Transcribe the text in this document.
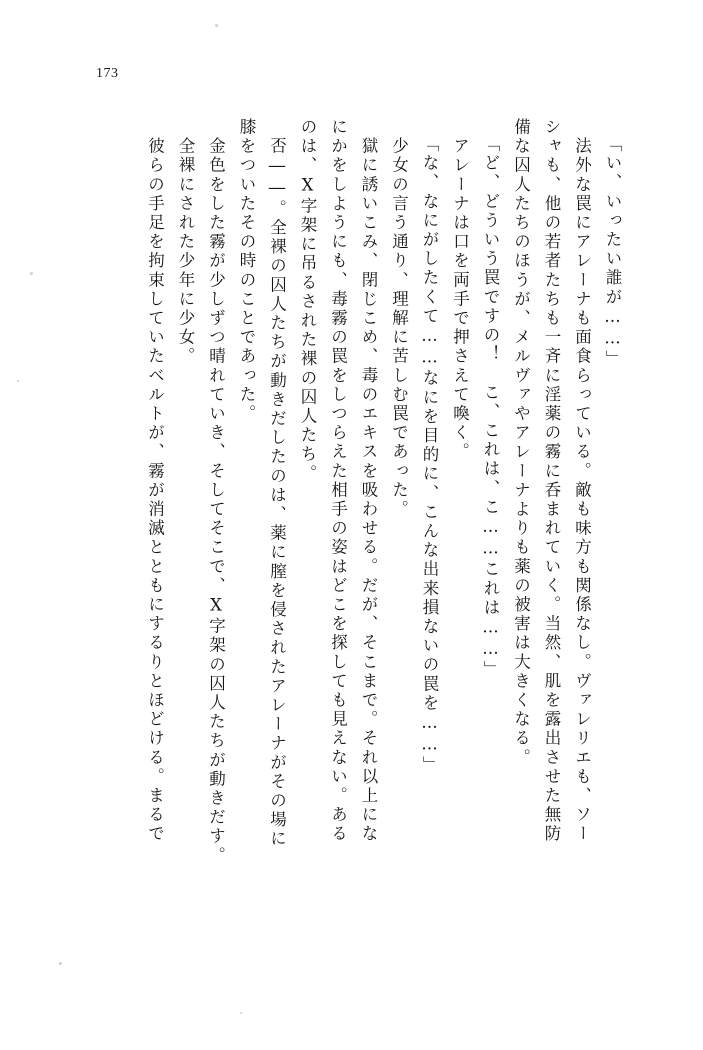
173
「い、いったい誰が……」
　法外な罠にアレーナも面食らっている。敵も味方も関係なし。ヴァレリエも、ソー
シャも、他の若者たちも一斉に淫薬の霧に呑まれていく。当然、肌を露出させた無防
備な囚人たちのほうが、メルヴァやアレーナよりも薬の被害は大きくなる。
「ど、どういう罠ですの！　こ、これは、こ……これは……」
　アレーナは口を両手で押さえて喚く。
「な、なにがしたくて……なにを目的に、こんな出来損ないの罠を……」
　少女の言う通り、理解に苦しむ罠であった。
　獄に誘いこみ、閉じこめ、毒のエキスを吸わせる。だが、そこまで。それ以上にな
にかをしようにも、毒霧の罠をしつらえた相手の姿はどこを探しても見えない。ある
のは、X字架に吊るされた裸の囚人たち。
　否――。全裸の囚人たちが動きだしたのは、薬に膣を侵されたアレーナがその場に
膝をついたその時のことであった。
　金色をした霧が少しずつ晴れていき、そしてそこで、X字架の囚人たちが動きだす。
　全裸にされた少年に少女。
　彼らの手足を拘束していたベルトが、霧が消滅とともにするりとほどける。まるで
